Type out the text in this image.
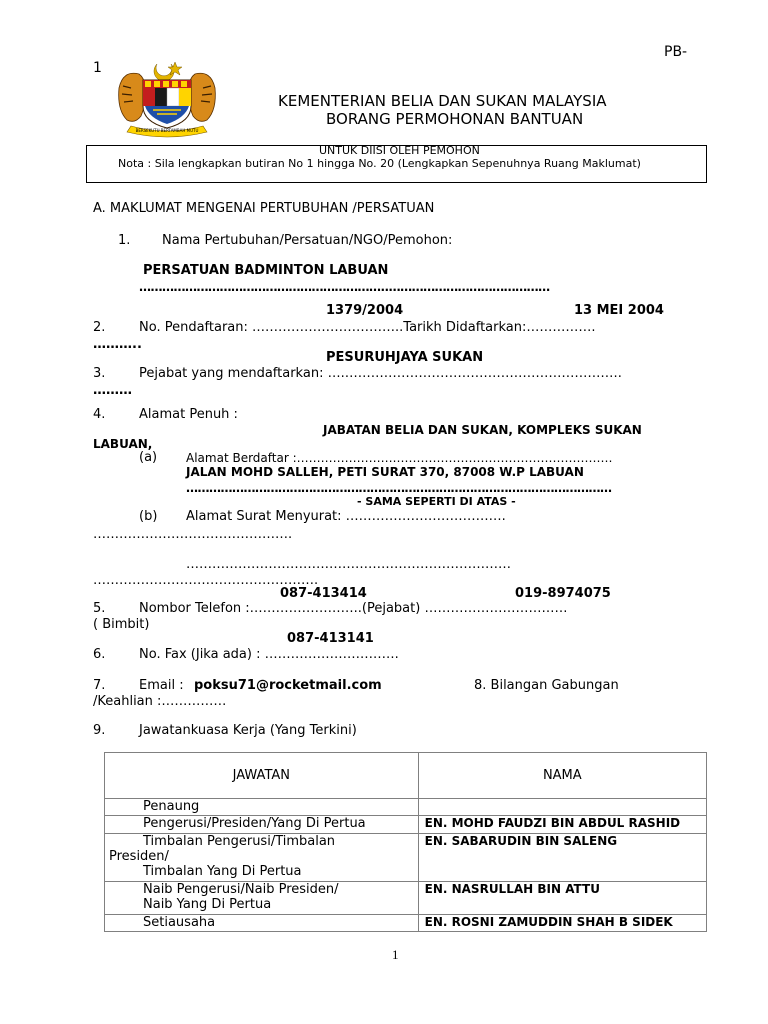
PB-
1
BERSEKUTU BERTAMBAH MUTU
KEMENTERIAN BELIA DAN SUKAN MALAYSIA
BORANG PERMOHONAN BANTUAN
UNTUK DIISI OLEH PEMOHON
Nota : Sila lengkapkan butiran No 1 hingga No. 20 (Lengkapkan Sepenuhnya Ruang Maklumat)
A. MAKLUMAT MENGENAI PERTUBUHAN /PERSATUAN
1. Nama Pertubuhan/Persatuan/NGO/Pemohon:
PERSATUAN BADMINTON LABUAN
………………………………………………………..……………………………………
1379/2004	13 MEI 2004
2.	No. Pendaftaran: ……………………………..Tarikh Didaftarkan:…………….
………..
PESURUHJAYA SUKAN
3.	Pejabat yang mendaftarkan: ….……………………………………………………….
………
4.	Alamat Penuh :
JABATAN BELIA DAN SUKAN, KOMPLEKS SUKAN
LABUAN,
(a) Alamat Berdaftar :…………………….………………………………………………
JALAN MOHD SALLEH, PETI SURAT 370, 87008 W.P LABUAN
…………………………………………………………………………………………………
- SAMA SEPERTI DI ATAS -
(b) Alamat Surat Menyurat: ……………………………….
……………………………………….
…………………………………………………………………
…………………………………………….
087-413414	019-8974075
5.	Nombor Telefon :……………………..(Pejabat) ……………………………
( Bimbit)
087-413141
6.	No. Fax (Jika ada) : ………………………….
7.	Email : poksu71@rocketmail.com	8. Bilangan Gabungan
/Keahlian :……………
9.	Jawatankuasa Kerja (Yang Terkini)
JAWATAN	NAMA
Penaung	
Pengerusi/Presiden/Yang Di Pertua	EN. MOHD FAUDZI BIN ABDUL RASHID

Timbalan Pengerusi/Timbalan
Presiden/
Timbalan Yang Di Pertua	EN. SABARUDIN BIN SALENG

Naib Pengerusi/Naib Presiden/
Naib Yang Di Pertua	EN. NASRULLAH BIN ATTU
Setiausaha	EN. ROSNI ZAMUDDIN SHAH B SIDEK
1
